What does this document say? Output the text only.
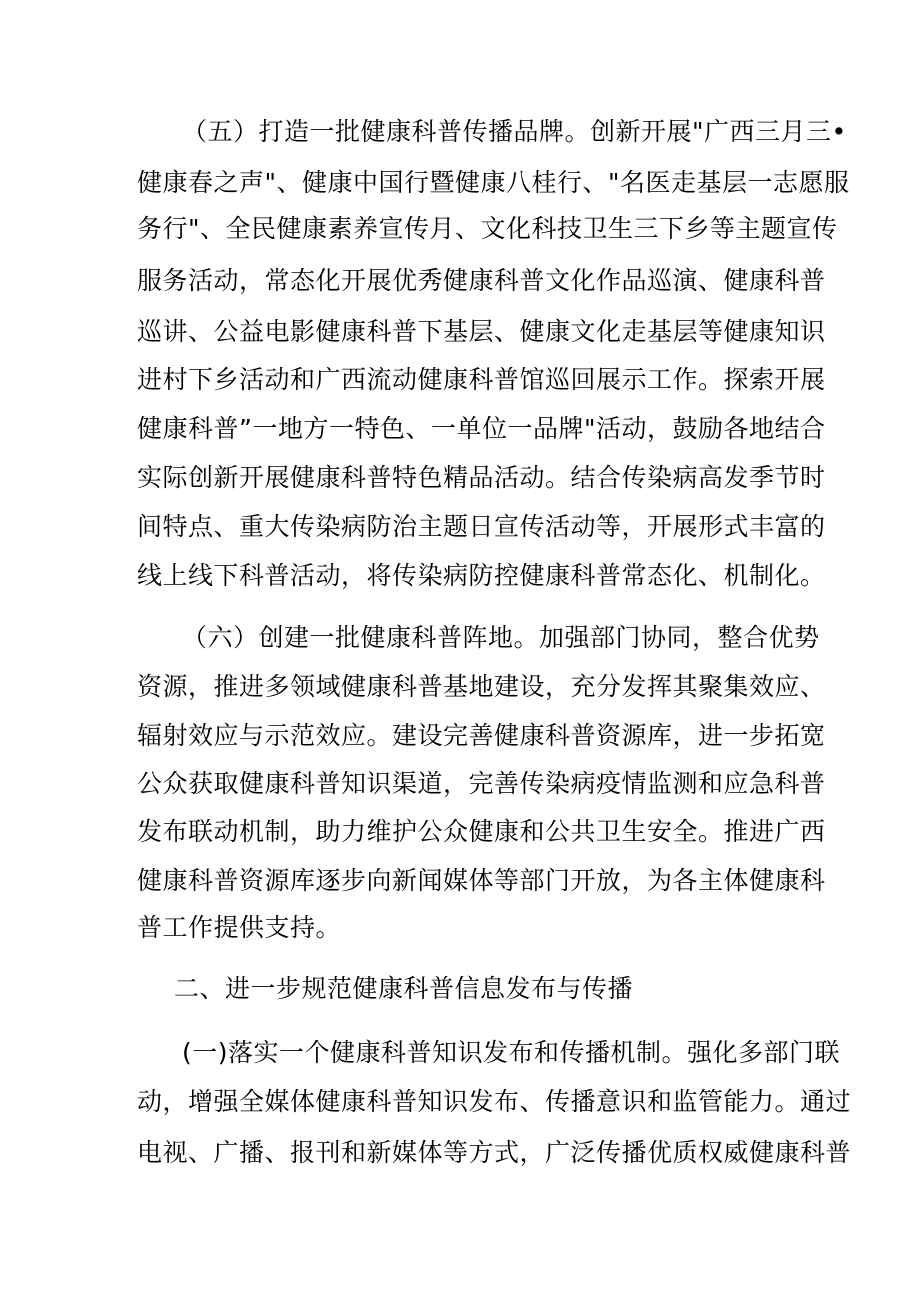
（五）打造一批健康科普传播品牌。创新开展"广西三月三•
健康春之声"、健康中国行暨健康八桂行、"名医走基层一志愿服
务行"、全民健康素养宣传月、文化科技卫生三下乡等主题宣传
服务活动，常态化开展优秀健康科普文化作品巡演、健康科普
巡讲、公益电影健康科普下基层、健康文化走基层等健康知识
进村下乡活动和广西流动健康科普馆巡回展示工作。探索开展
健康科普”一地方一特色、一单位一品牌"活动，鼓励各地结合
实际创新开展健康科普特色精品活动。结合传染病高发季节时
间特点、重大传染病防治主题日宣传活动等，开展形式丰富的
线上线下科普活动，将传染病防控健康科普常态化、机制化。
（六）创建一批健康科普阵地。加强部门协同，整合优势
资源，推进多领域健康科普基地建设，充分发挥其聚集效应、
辐射效应与示范效应。建设完善健康科普资源库，进一步拓宽
公众获取健康科普知识渠道，完善传染病疫情监测和应急科普
发布联动机制，助力维护公众健康和公共卫生安全。推进广西
健康科普资源库逐步向新闻媒体等部门开放，为各主体健康科
普工作提供支持。
二、进一步规范健康科普信息发布与传播
(一)落实一个健康科普知识发布和传播机制。强化多部门联
动，增强全媒体健康科普知识发布、传播意识和监管能力。通过
电视、广播、报刊和新媒体等方式，广泛传播优质权威健康科普
